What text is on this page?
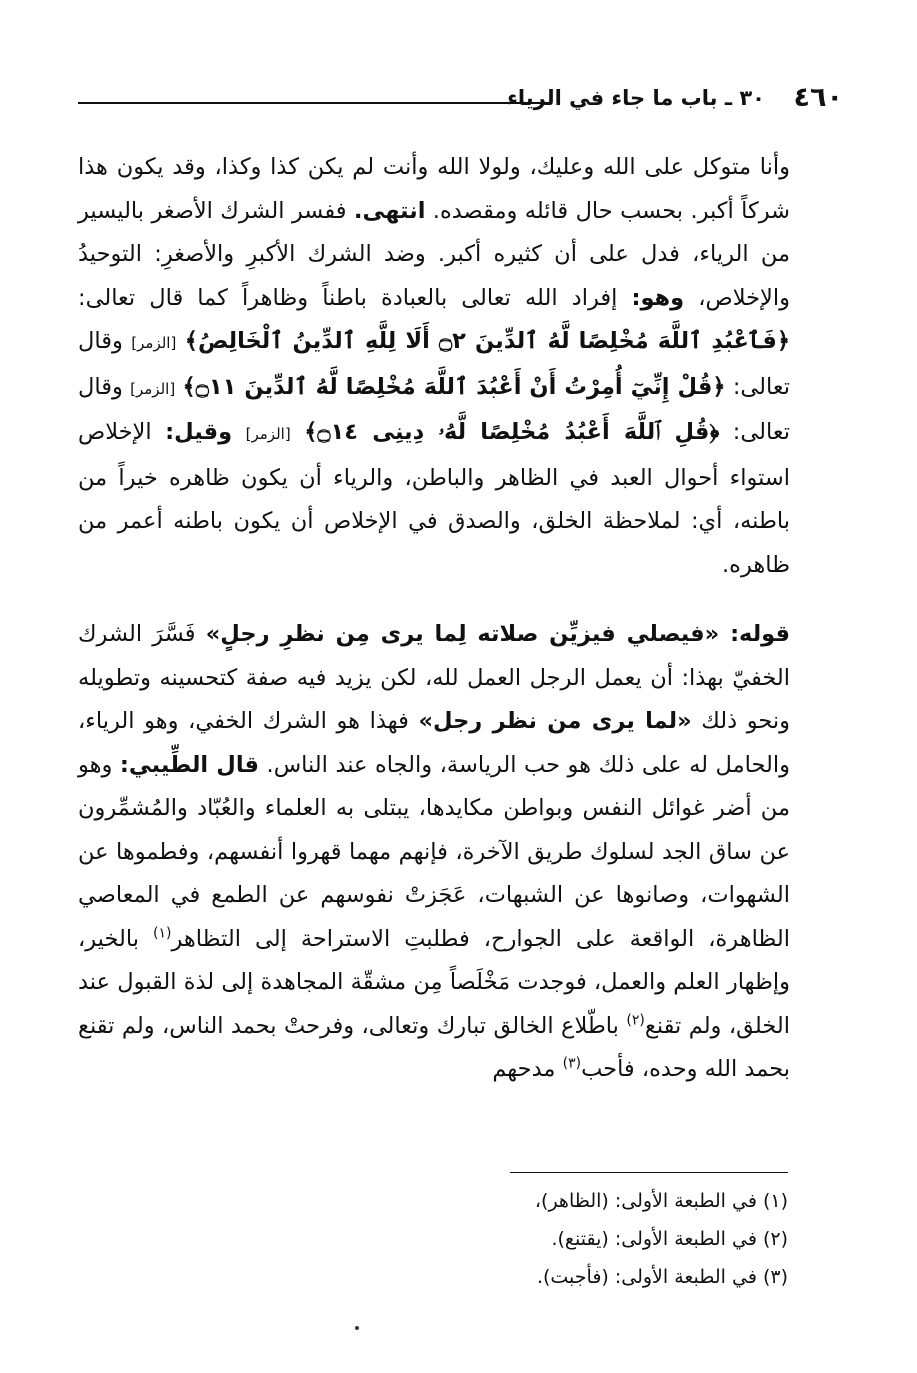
٤٦٠
٣٠ ـ باب ما جاء في الرياء

وأنا متوكل على الله وعليك، ولولا الله وأنت لم يكن كذا وكذا، وقد يكون هذا شركاً أكبر. بحسب حال قائله ومقصده. انتهى. ففسر الشرك الأصغر باليسير من الرياء، فدل على أن كثيره أكبر. وضد الشرك الأكبرِ والأصغرِ: التوحيدُ والإخلاص، وهو: إفراد الله تعالى بالعبادة باطناً وظاهراً كما قال تعالى: ﴿فَٱعْبُدِ ٱللَّهَ مُخْلِصًا لَّهُ ٱلدِّينَ ۝٢ أَلَا لِلَّهِ ٱلدِّينُ ٱلْخَالِصُ﴾ [الزمر] وقال تعالى: ﴿قُلْ إِنِّيٓ أُمِرْتُ أَنْ أَعْبُدَ ٱللَّهَ مُخْلِصًا لَّهُ ٱلدِّينَ ۝١١﴾ [الزمر] وقال تعالى: ﴿قُلِ ٱللَّهَ أَعْبُدُ مُخْلِصًا لَّهُۥ دِينِى ۝١٤﴾ [الزمر] وقيل: الإخلاص استواء أحوال العبد في الظاهر والباطن، والرياء أن يكون ظاهره خيراً من باطنه، أي: لملاحظة الخلق، والصدق في الإخلاص أن يكون باطنه أعمر من ظاهره.

قوله: «فيصلي فيزيِّن صلاته لِما يرى مِن نظرِ رجلٍ» فَسَّرَ الشرك الخفيّ بهذا: أن يعمل الرجل العمل لله، لكن يزيد فيه صفة كتحسينه وتطويله ونحو ذلك «لما يرى من نظر رجل» فهذا هو الشرك الخفي، وهو الرياء، والحامل له على ذلك هو حب الرياسة، والجاه عند الناس. قال الطِّيبي: وهو من أضر غوائل النفس وبواطن مكايدها، يبتلى به العلماء والعُبّاد والمُشمِّرون عن ساق الجد لسلوك طريق الآخرة، فإنهم مهما قهروا أنفسهم، وفطموها عن الشهوات، وصانوها عن الشبهات، عَجَزتْ نفوسهم عن الطمع في المعاصي الظاهرة، الواقعة على الجوارح، فطلبتِ الاستراحة إلى التظاهر$^{(١)}$ بالخير، وإظهار العلم والعمل، فوجدت مَخْلَصاً مِن مشقّة المجاهدة إلى لذة القبول عند الخلق، ولم تقنع$^{(٢)}$ باطّلاع الخالق تبارك وتعالى، وفرحتْ بحمد الناس، ولم تقنع بحمد الله وحده، فأحب$^{(٣)}$ مدحهم

(١) في الطبعة الأولى: (الظاهر)،
(٢) في الطبعة الأولى: (يقتنع).
(٣) في الطبعة الأولى: (فأجبت).
